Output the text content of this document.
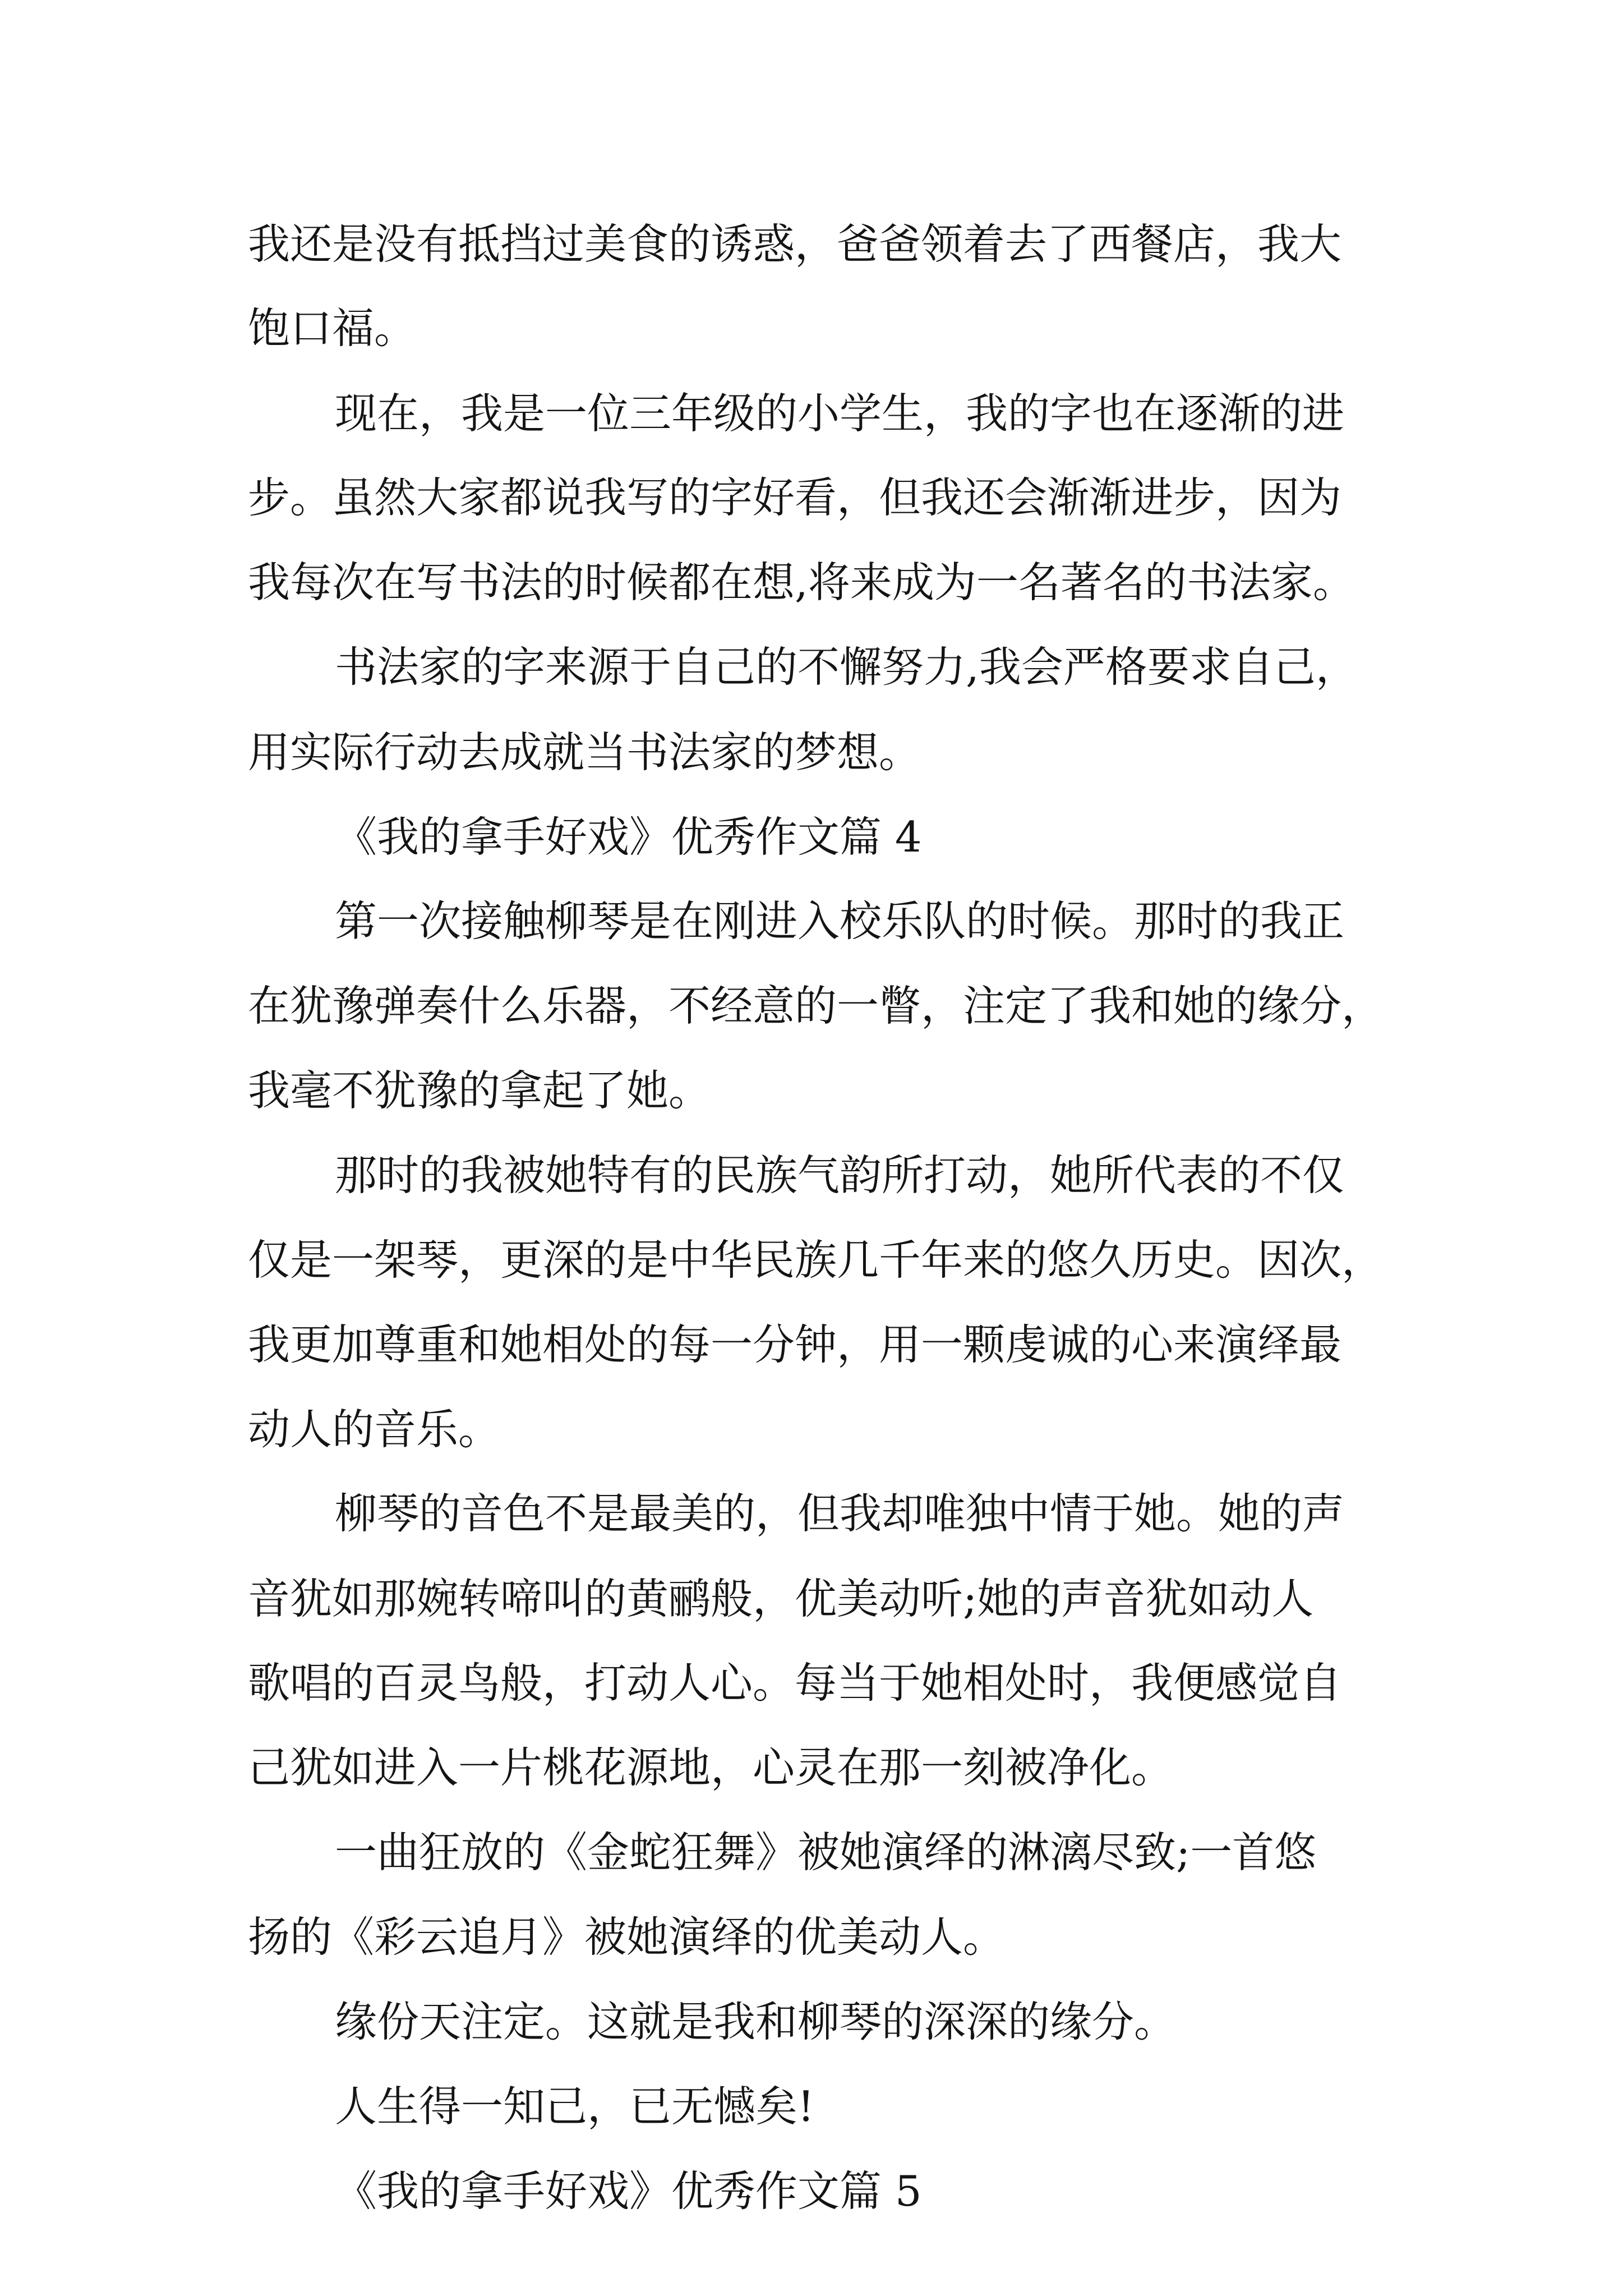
我还是没有抵挡过美食的诱惑，爸爸领着去了西餐店，我大
饱口福。
现在，我是一位三年级的小学生，我的字也在逐渐的进
步。虽然大家都说我写的字好看，但我还会渐渐进步，因为
我每次在写书法的时候都在想,将来成为一名著名的书法家。
书法家的字来源于自己的不懈努力,我会严格要求自己，
用实际行动去成就当书法家的梦想。
《我的拿手好戏》优秀作文篇 4
第一次接触柳琴是在刚进入校乐队的时候。那时的我正
在犹豫弹奏什么乐器，不经意的一瞥，注定了我和她的缘分，
我毫不犹豫的拿起了她。
那时的我被她特有的民族气韵所打动，她所代表的不仅
仅是一架琴，更深的是中华民族几千年来的悠久历史。因次，
我更加尊重和她相处的每一分钟，用一颗虔诚的心来演绎最
动人的音乐。
柳琴的音色不是最美的，但我却唯独中情于她。她的声
音犹如那婉转啼叫的黄鹂般，优美动听;她的声音犹如动人
歌唱的百灵鸟般，打动人心。每当于她相处时，我便感觉自
己犹如进入一片桃花源地，心灵在那一刻被净化。
一曲狂放的《金蛇狂舞》被她演绎的淋漓尽致;一首悠
扬的《彩云追月》被她演绎的优美动人。
缘份天注定。这就是我和柳琴的深深的缘分。
人生得一知己，已无憾矣!
《我的拿手好戏》优秀作文篇 5
